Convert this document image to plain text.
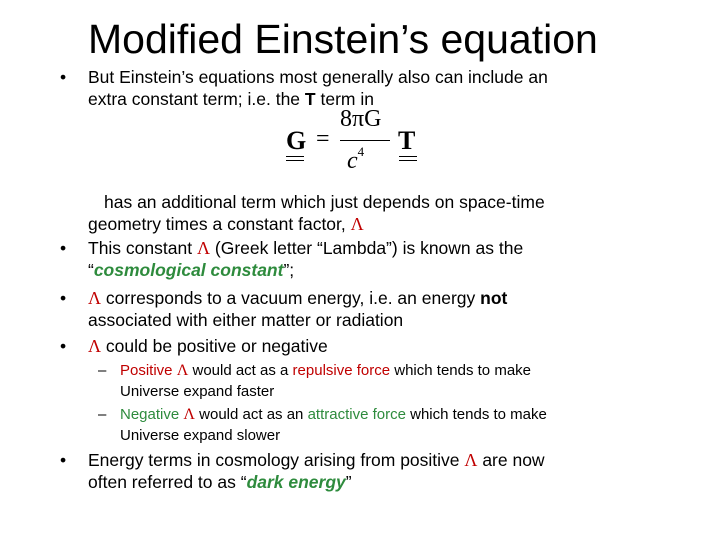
Modified Einstein’s equation
• But Einstein’s equations most generally also can include an
extra constant term; i.e. the T term in
G =
8πG
$c^4$ T
has an additional term which just depends on space-time
geometry times a constant factor, Λ
• This constant Λ (Greek letter “Lambda”) is known as the
“cosmological constant”;
• Λ corresponds to a vacuum energy, i.e. an energy not
associated with either matter or radiation
• Λ could be positive or negative
– Positive Λ would act as a repulsive force which tends to make
Universe expand faster
– Negative Λ would act as an attractive force which tends to make
Universe expand slower
• Energy terms in cosmology arising from positive Λ are now
often referred to as “dark energy”
